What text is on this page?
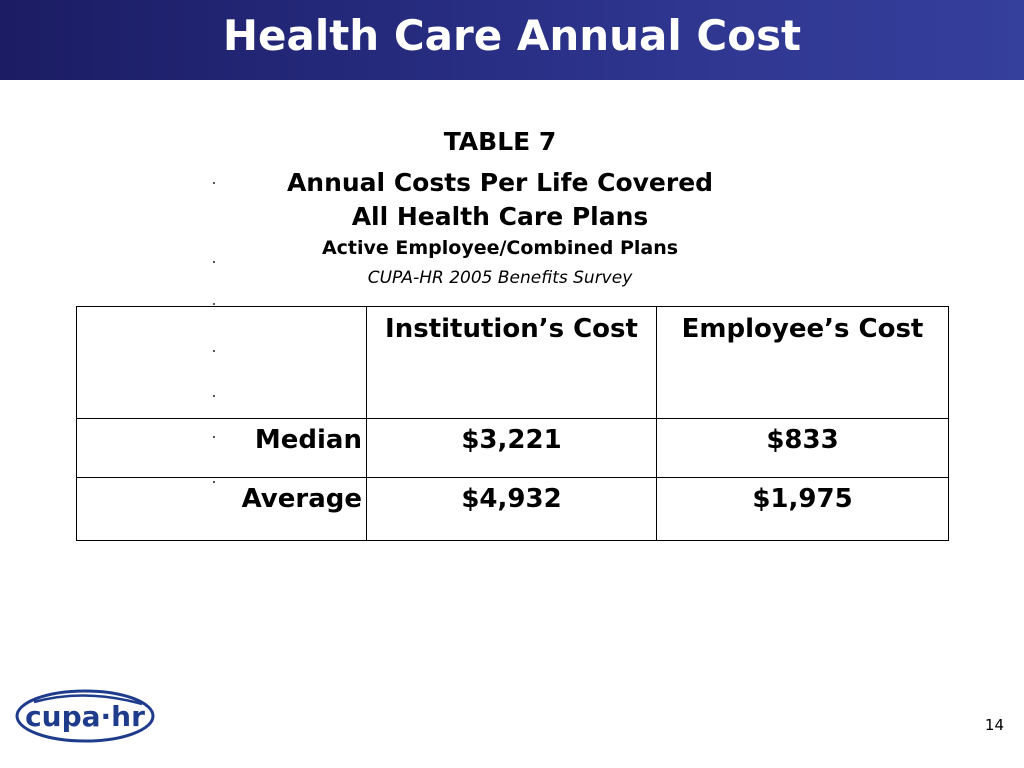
Health Care Annual Cost
TABLE 7
Annual Costs Per Life Covered
All Health Care Plans
Active Employee/Combined Plans
CUPA-HR 2005 Benefits Survey
	Institution’s Cost	Employee’s Cost
Median	$3,221	$833
Average	$4,932	$1,975
cupa·hr	14
